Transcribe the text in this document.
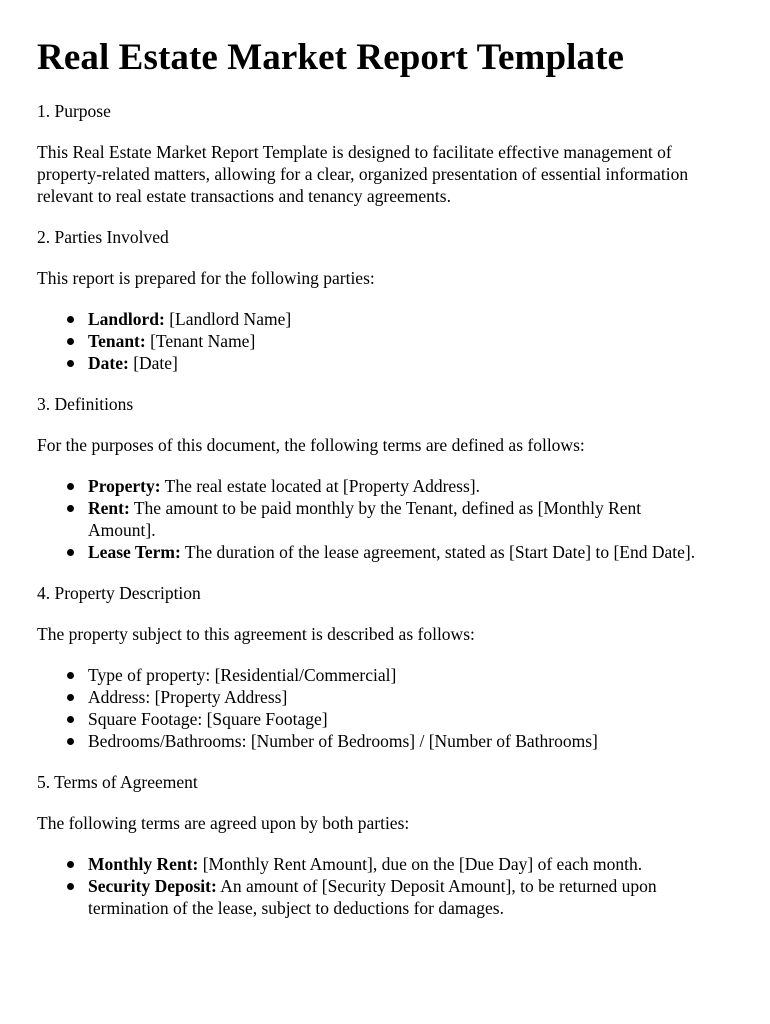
Real Estate Market Report Template
1. Purpose

This Real Estate Market Report Template is designed to facilitate effective management of property-related matters, allowing for a clear, organized presentation of essential information relevant to real estate transactions and tenancy agreements.

2. Parties Involved

This report is prepared for the following parties:

Landlord: [Landlord Name]
Tenant: [Tenant Name]
Date: [Date]
3. Definitions

For the purposes of this document, the following terms are defined as follows:

Property: The real estate located at [Property Address].
Rent: The amount to be paid monthly by the Tenant, defined as [Monthly Rent Amount].
Lease Term: The duration of the lease agreement, stated as [Start Date] to [End Date].
4. Property Description

The property subject to this agreement is described as follows:

Type of property: [Residential/Commercial]
Address: [Property Address]
Square Footage: [Square Footage]
Bedrooms/Bathrooms: [Number of Bedrooms] / [Number of Bathrooms]
5. Terms of Agreement

The following terms are agreed upon by both parties:

Monthly Rent: [Monthly Rent Amount], due on the [Due Day] of each month.
Security Deposit: An amount of [Security Deposit Amount], to be returned upon termination of the lease, subject to deductions for damages.
